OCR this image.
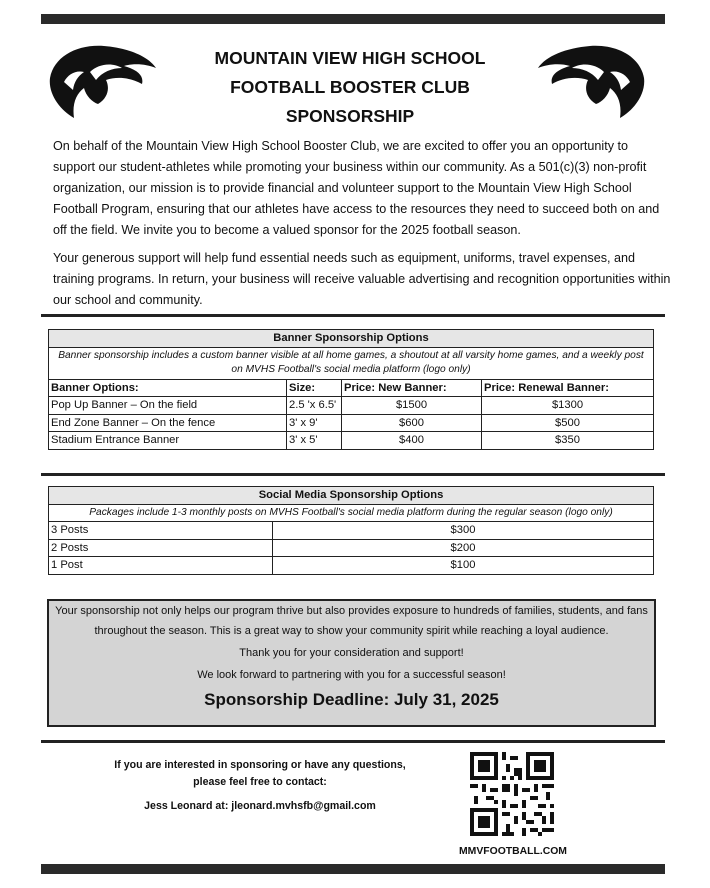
MOUNTAIN VIEW HIGH SCHOOL
FOOTBALL BOOSTER CLUB
SPONSORSHIP

On behalf of the Mountain View High School Booster Club, we are excited to offer you an opportunity to support our student-athletes while promoting your business within our community. As a 501(c)(3) non-profit organization, our mission is to provide financial and volunteer support to the Mountain View High School Football Program, ensuring that our athletes have access to the resources they need to succeed both on and off the field. We invite you to become a valued sponsor for the 2025 football season.

Your generous support will help fund essential needs such as equipment, uniforms, travel expenses, and training programs. In return, your business will receive valuable advertising and recognition opportunities within our school and community.

Banner Sponsorship Options			
Banner sponsorship includes a custom banner visible at all home games, a shoutout at all varsity home games, and a weekly post on MVHS Football's social media platform (logo only)			
Banner Options:	Size:	Price: New Banner:	Price: Renewal Banner:
Pop Up Banner – On the field	2.5 'x 6.5'	$1500	$1300
End Zone Banner – On the fence	3' x 9'	$600	$500
Stadium Entrance Banner	3' x 5'	$400	$350
Social Media Sponsorship Options	
Packages include 1-3 monthly posts on MVHS Football's social media platform during the regular season (logo only)	
3 Posts	$300
2 Posts	$200
1 Post	$100

Your sponsorship not only helps our program thrive but also provides exposure to hundreds of families, students, and fans

throughout the season. This is a great way to show your community spirit while reaching a loyal audience.

Thank you for your consideration and support!

We look forward to partnering with you for a successful season!

Sponsorship Deadline: July 31, 2025

If you are interested in sponsoring or have any questions,
please feel free to contact:
Jess Leonard at: jleonard.mvhsfb@gmail.com
MMVFOOTBALL.COM
